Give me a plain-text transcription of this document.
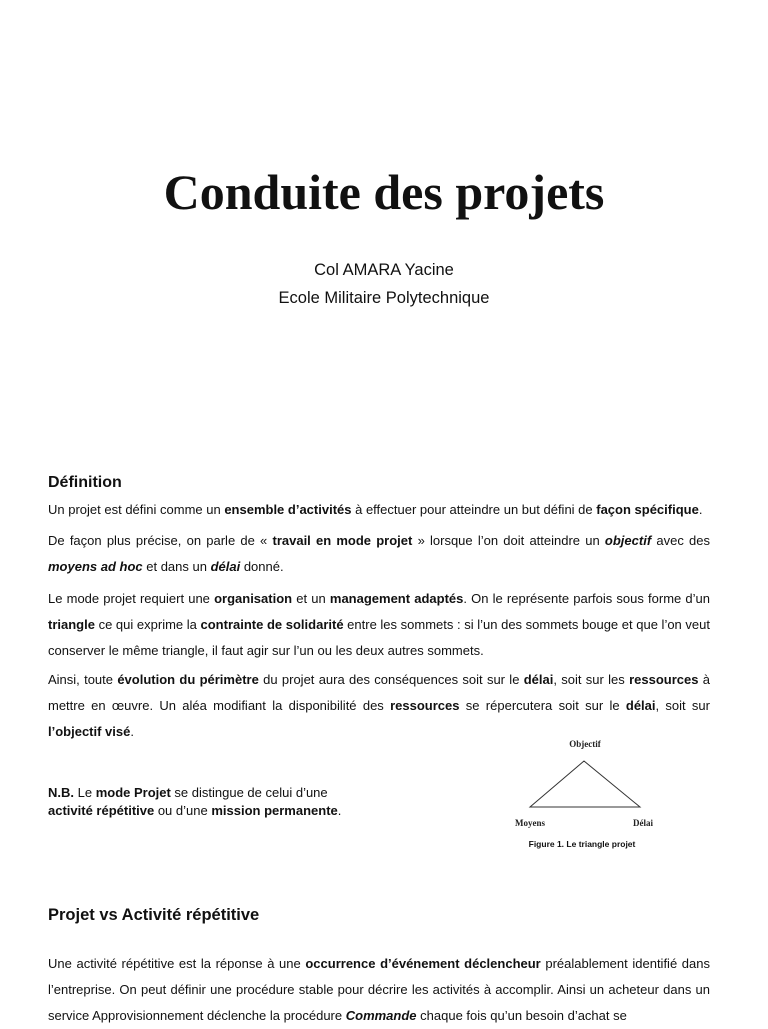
Conduite des projets
Col AMARA Yacine
Ecole Militaire Polytechnique
Définition

Un projet est défini comme un ensemble d’activités à effectuer pour atteindre un but défini de façon spécifique.

De façon plus précise, on parle de « travail en mode projet » lorsque l’on doit atteindre un objectif avec des moyens ad hoc et dans un délai donné.

Le mode projet requiert une organisation et un management adaptés. On le représente parfois sous forme d’un triangle ce qui exprime la contrainte de solidarité entre les sommets : si l’un des sommets bouge et que l’on veut conserver le même triangle, il faut agir sur l’un ou les deux autres sommets.

Ainsi, toute évolution du périmètre du projet aura des conséquences soit sur le délai, soit sur les ressources à mettre en œuvre. Un aléa modifiant la disponibilité des ressources se répercutera soit sur le délai, soit sur l’objectif visé.

N.B. Le mode Projet se distingue de celui d’une activité répétitive ou d’une mission permanente.

Objectif
Moyens	Délai
Figure 1. Le triangle projet
Projet vs Activité répétitive

Une activité répétitive est la réponse à une occurrence d’événement déclencheur préalablement identifié dans l’entreprise. On peut définir une procédure stable pour décrire les activités à accomplir. Ainsi un acheteur dans un service Approvisionnement déclenche la procédure Commande chaque fois qu’un besoin d’achat se
